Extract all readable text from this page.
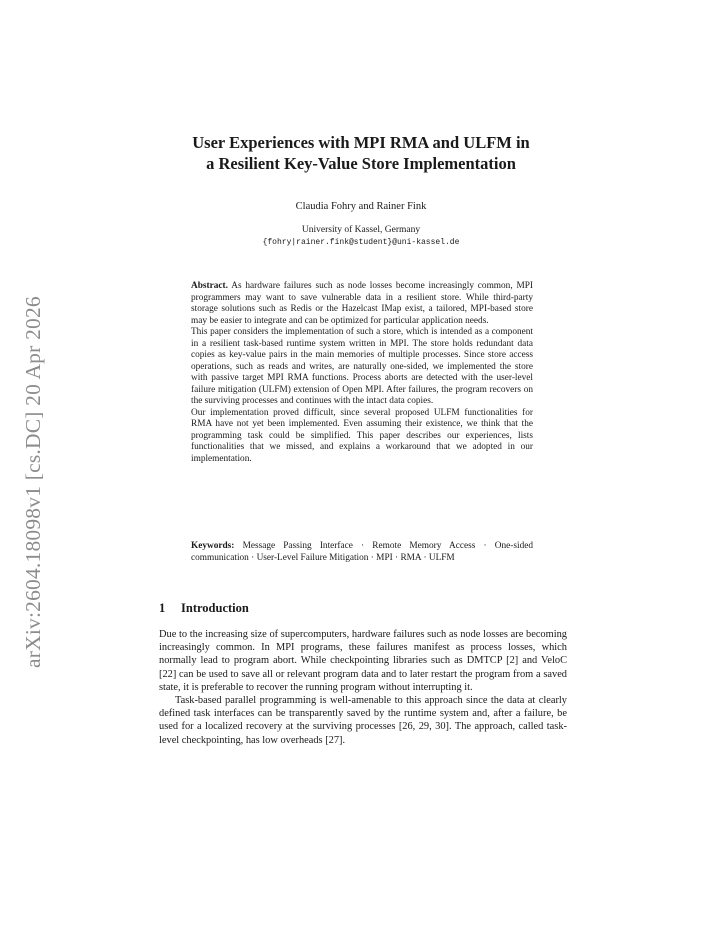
arXiv:2604.18098v1 [cs.DC] 20 Apr 2026
User Experiences with MPI RMA and ULFM in
a Resilient Key-Value Store Implementation
Claudia Fohry and Rainer Fink
University of Kassel, Germany
{fohry|rainer.fink@student}@uni-kassel.de

Abstract. As hardware failures such as node losses become increasingly common, MPI programmers may want to save vulnerable data in a resilient store. While third-party storage solutions such as Redis or the Hazelcast IMap exist, a tailored, MPI-based store may be easier to integrate and can be optimized for particular application needs.

This paper considers the implementation of such a store, which is intended as a component in a resilient task-based runtime system written in MPI. The store holds redundant data copies as key-value pairs in the main memories of multiple processes. Since store access operations, such as reads and writes, are naturally one-sided, we implemented the store with passive target MPI RMA functions. Process aborts are detected with the user-level failure mitigation (ULFM) extension of Open MPI. After failures, the program recovers on the surviving processes and continues with the intact data copies.

Our implementation proved difficult, since several proposed ULFM functionalities for RMA have not yet been implemented. Even assuming their existence, we think that the programming task could be simplified. This paper describes our experiences, lists functionalities that we missed, and explains a workaround that we adopted in our implementation.

Keywords: Message Passing Interface · Remote Memory Access · One-sided communication · User-Level Failure Mitigation · MPI · RMA · ULFM
1 Introduction

Due to the increasing size of supercomputers, hardware failures such as node losses are becoming increasingly common. In MPI programs, these failures manifest as process losses, which normally lead to program abort. While checkpointing libraries such as DMTCP [2] and VeloC [22] can be used to save all or relevant program data and to later restart the program from a saved state, it is preferable to recover the running program without interrupting it.

Task-based parallel programming is well-amenable to this approach since the data at clearly defined task interfaces can be transparently saved by the runtime system and, after a failure, be used for a localized recovery at the surviving processes [26, 29, 30]. The approach, called task-level checkpointing, has low overheads [27].
